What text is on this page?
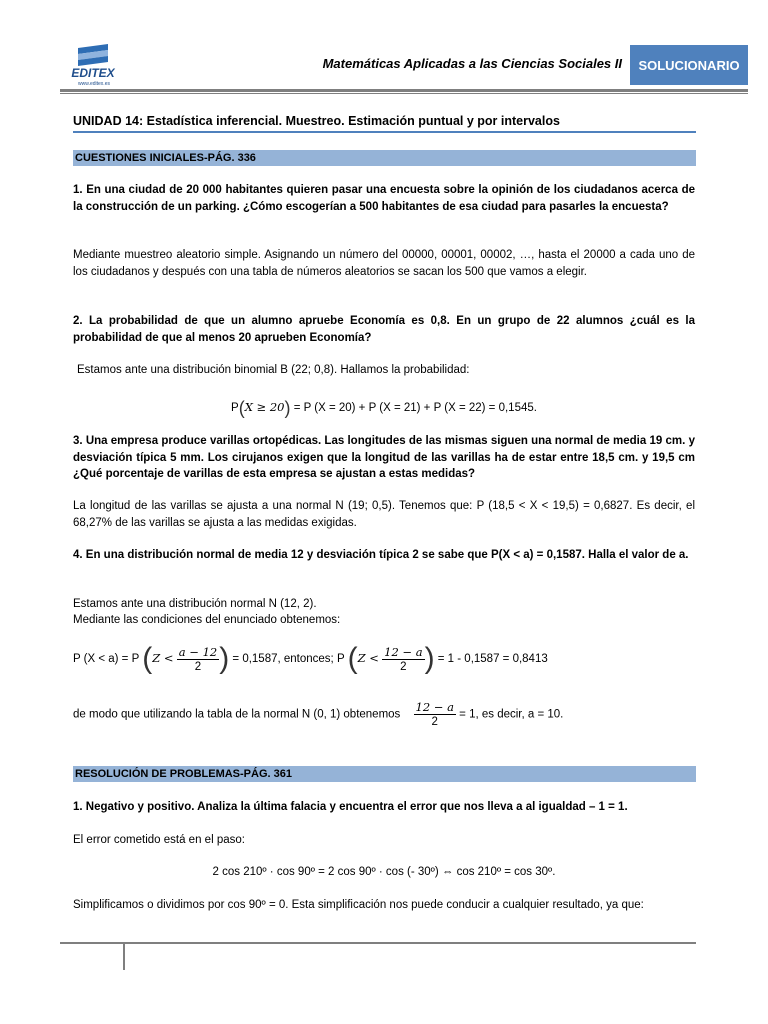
EDITEX
www.editex.es
Matemáticas Aplicadas a las Ciencias Sociales II	SOLUCIONARIO
UNIDAD 14: Estadística inferencial. Muestreo. Estimación puntual y por intervalos
CUESTIONES INICIALES-PÁG. 336
1. En una ciudad de 20 000 habitantes quieren pasar una encuesta sobre la opinión de los ciudadanos acerca de la construcción de un parking. ¿Cómo escogerían a 500 habitantes de esa ciudad para pasarles la encuesta?
Mediante muestreo aleatorio simple. Asignando un número del 00000, 00001, 00002, …, hasta el 20000 a cada uno de los ciudadanos y después con una tabla de números aleatorios se sacan los 500 que vamos a elegir.
2. La probabilidad de que un alumno apruebe Economía es 0,8. En un grupo de 22 alumnos ¿cuál es la probabilidad de que al menos 20 aprueben Economía?
Estamos ante una distribución binomial B (22; 0,8). Hallamos la probabilidad:
P(X ≥ 20) = P (X = 20) + P (X = 21) + P (X = 22) = 0,1545.
3. Una empresa produce varillas ortopédicas. Las longitudes de las mismas siguen una normal de media 19 cm. y desviación típica 5 mm. Los cirujanos exigen que la longitud de las varillas ha de estar entre 18,5 cm. y 19,5 cm ¿Qué porcentaje de varillas de esta empresa se ajustan a estas medidas?
La longitud de las varillas se ajusta a una normal N (19; 0,5). Tenemos que: P (18,5 < X < 19,5) = 0,6827. Es decir, el 68,27% de las varillas se ajusta a las medidas exigidas.
4. En una distribución normal de media 12 y desviación típica 2 se sabe que P(X < a) = 0,1587. Halla el valor de a.
Estamos ante una distribución normal N (12, 2).
Mediante las condiciones del enunciado obtenemos:
P (X < a) = P ($Z < \frac{a - 12}{2}$ ) = 0,1587, entonces; P ($Z < \frac{12 - a}{2}$ ) = 1 - 0,1587 = 0,8413
de modo que utilizando la tabla de la normal N (0, 1) obtenemos $\frac{12 - a}{2} = 1$, es decir, a = 10.
RESOLUCIÓN DE PROBLEMAS-PÁG. 361
1. Negativo y positivo. Analiza la última falacia y encuentra el error que nos lleva a al igualdad – 1 = 1.
El error cometido está en el paso:
2 cos 210º · cos 90º = 2 cos 90º · cos (- 30º) ⇔ cos 210º = cos 30º.
Simplificamos o dividimos por cos 90º = 0. Esta simplificación nos puede conducir a cualquier resultado, ya que:
